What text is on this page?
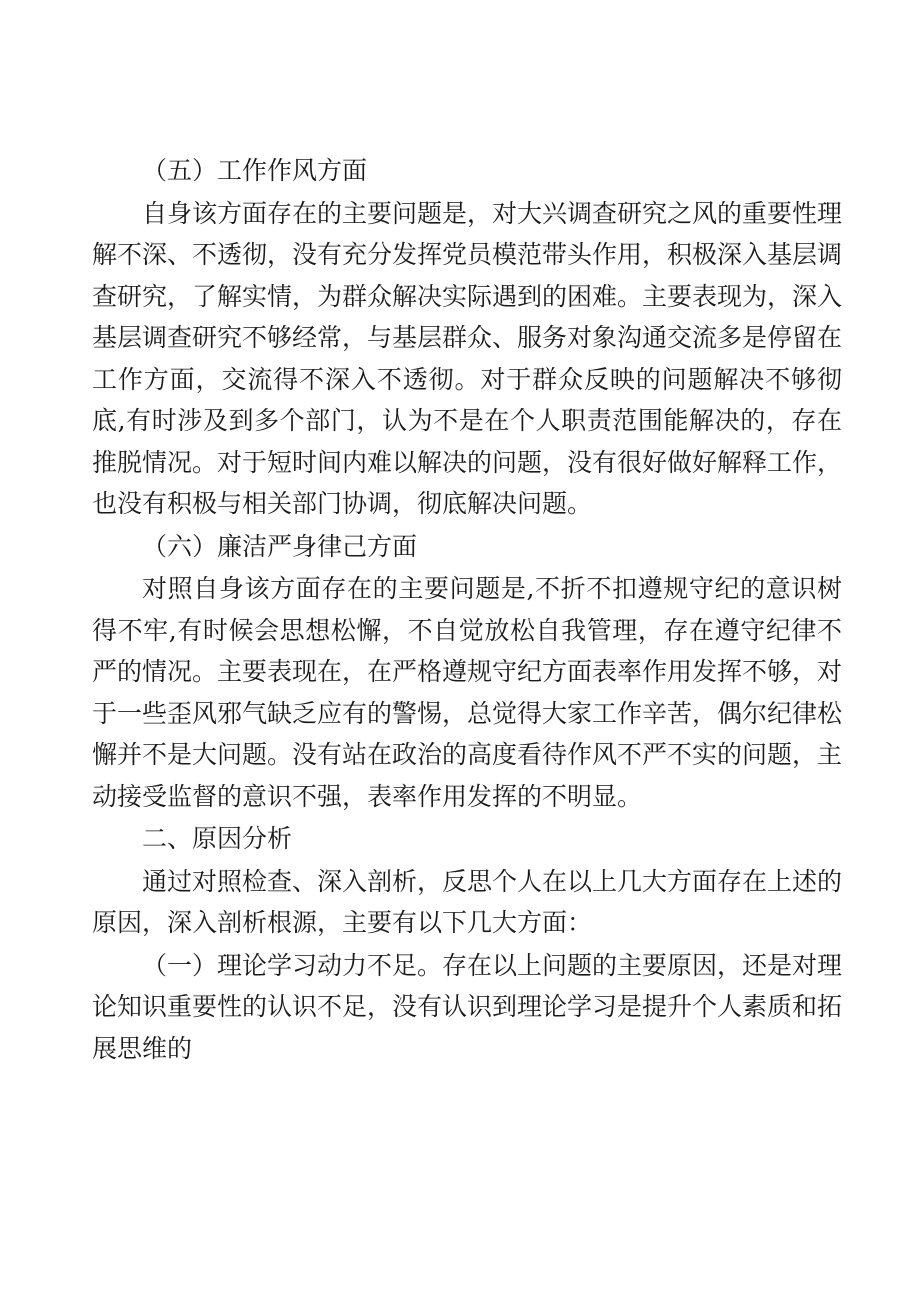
（五）工作作风方面

自身该方面存在的主要问题是，对大兴调查研究之风的重要性理解不深、不透彻，没有充分发挥党员模范带头作用，积极深入基层调查研究，了解实情，为群众解决实际遇到的困难。主要表现为，深入基层调查研究不够经常，与基层群众、服务对象沟通交流多是停留在工作方面，交流得不深入不透彻。对于群众反映的问题解决不够彻底,有时涉及到多个部门，认为不是在个人职责范围能解决的，存在推脱情况。对于短时间内难以解决的问题，没有很好做好解释工作，也没有积极与相关部门协调，彻底解决问题。

（六）廉洁严身律己方面

对照自身该方面存在的主要问题是,不折不扣遵规守纪的意识树得不牢,有时候会思想松懈，不自觉放松自我管理，存在遵守纪律不严的情况。主要表现在，在严格遵规守纪方面表率作用发挥不够，对于一些歪风邪气缺乏应有的警惕，总觉得大家工作辛苦，偶尔纪律松懈并不是大问题。没有站在政治的高度看待作风不严不实的问题，主动接受监督的意识不强，表率作用发挥的不明显。

二、原因分析

通过对照检查、深入剖析，反思个人在以上几大方面存在上述的原因，深入剖析根源，主要有以下几大方面：

（一）理论学习动力不足。存在以上问题的主要原因，还是对理论知识重要性的认识不足，没有认识到理论学习是提升个人素质和拓展思维的
